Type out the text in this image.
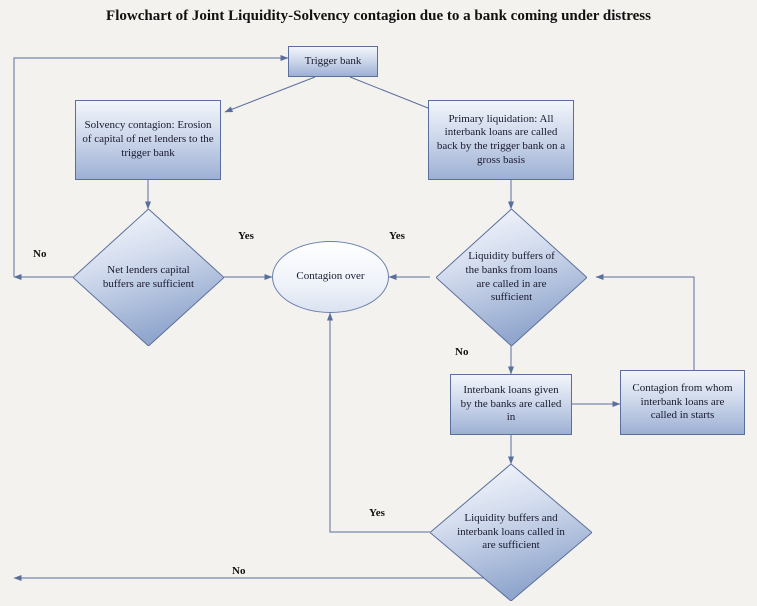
Flowchart of Joint Liquidity-Solvency contagion due to a bank coming under distress
Trigger bank
Solvency contagion: Erosion of capital of net lenders to the trigger bank
Primary liquidation: All interbank loans are called back by the trigger bank on a gross basis
Net lenders capital buffers are sufficient
Liquidity buffers of the banks from loans are called in are sufficient
Contagion over
Interbank loans given by the banks are called in
Contagion from whom interbank loans are called in starts
Liquidity buffers and interbank loans called in are sufficient
Yes	Yes
No
No
Yes
No
